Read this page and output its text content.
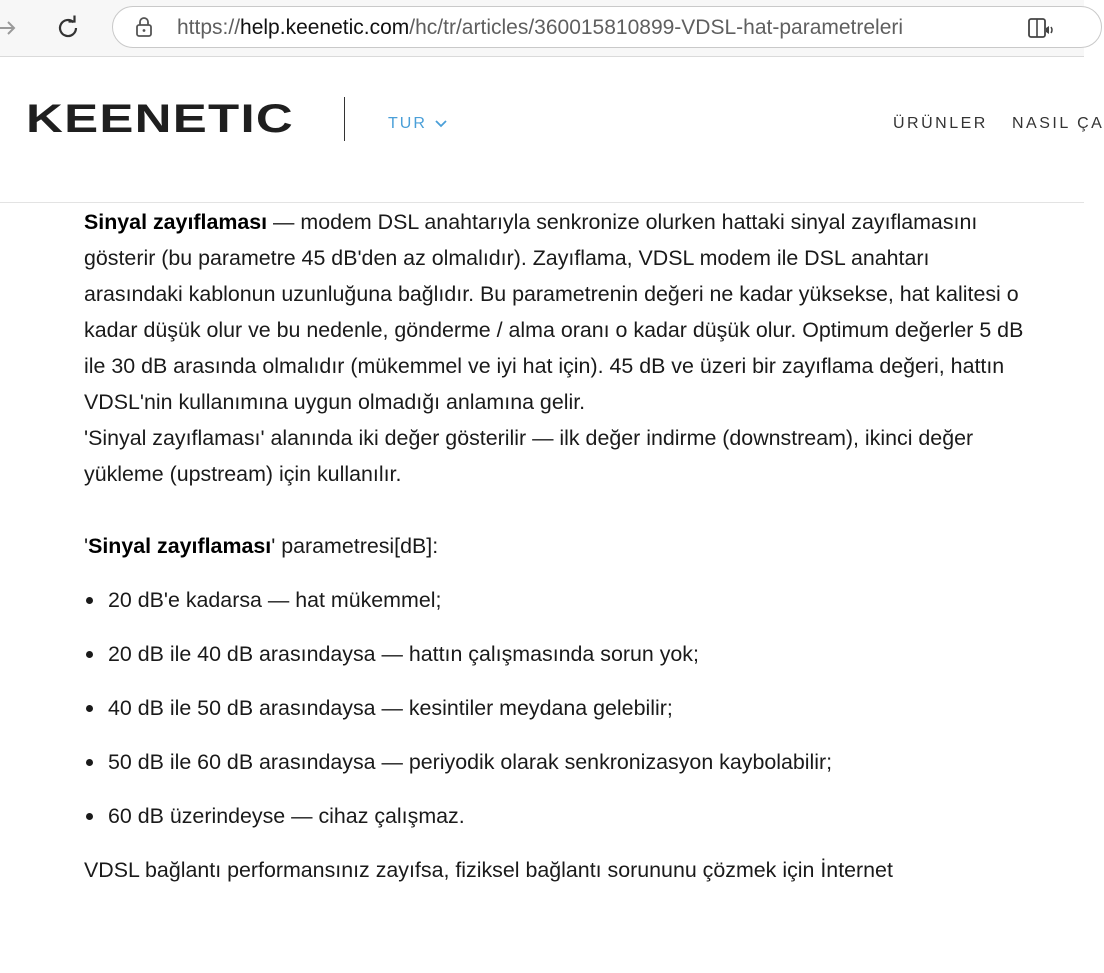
https://help.keenetic.com/hc/tr/articles/360015810899-VDSL-hat-parametreleri
KEENETIC	TUR	ÜRÜNLER NASIL ÇA

Sinyal zayıflaması — modem DSL anahtarıyla senkronize olurken hattaki sinyal zayıflamasını gösterir (bu parametre 45 dB'den az olmalıdır). Zayıflama, VDSL modem ile DSL anahtarı arasındaki kablonun uzunluğuna bağlıdır. Bu parametrenin değeri ne kadar yüksekse, hat kalitesi o kadar düşük olur ve bu nedenle, gönderme / alma oranı o kadar düşük olur. Optimum değerler 5 dB ile 30 dB arasında olmalıdır (mükemmel ve iyi hat için). 45 dB ve üzeri bir zayıflama değeri, hattın VDSL'nin kullanımına uygun olmadığı anlamına gelir.

'Sinyal zayıflaması' alanında iki değer gösterilir — ilk değer indirme (downstream), ikinci değer yükleme (upstream) için kullanılır.

'Sinyal zayıflaması' parametresi[dB]:

20 dB'e kadarsa — hat mükemmel;
20 dB ile 40 dB arasındaysa — hattın çalışmasında sorun yok;
40 dB ile 50 dB arasındaysa — kesintiler meydana gelebilir;
50 dB ile 60 dB arasındaysa — periyodik olarak senkronizasyon kaybolabilir;
60 dB üzerindeyse — cihaz çalışmaz.

VDSL bağlantı performansınız zayıfsa, fiziksel bağlantı sorununu çözmek için İnternet
